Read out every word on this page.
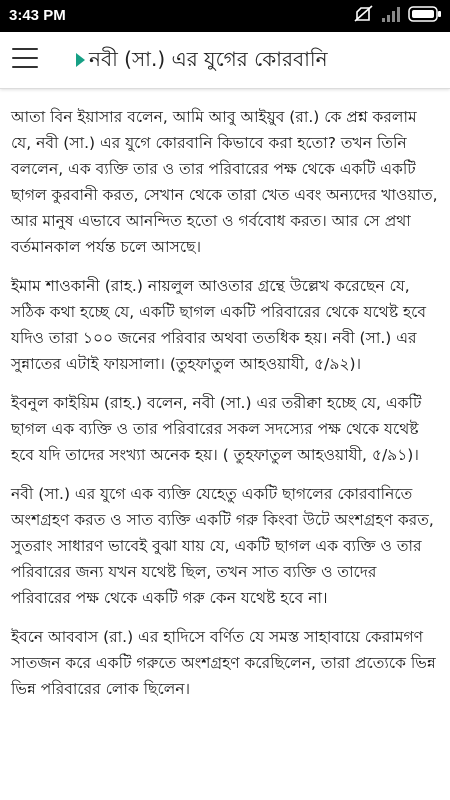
3:43 PM
নবী (সা.) এর যুগের কোরবানি

আতা বিন ইয়াসার বলেন, আমি আবু আইয়ুব (রা.) কে প্রশ্ন করলাম যে, নবী (সা.) এর যুগে কোরবানি কিভাবে করা হতো? তখন তিনি বললেন, এক ব্যক্তি তার ও তার পরিবারের পক্ষ থেকে একটি একটি ছাগল কুরবানী করত, সেখান থেকে তারা খেত এবং অন্যদের খাওয়াত, আর মানুষ এভাবে আনন্দিত হতো ও গর্ববোধ করত। আর সে প্রথা বর্তমানকাল পর্যন্ত চলে আসছে।

ইমাম শাওকানী (রাহ.) নায়লুল আওতার গ্রন্থে উল্লেখ করেছেন যে, সঠিক কথা হচ্ছে যে, একটি ছাগল একটি পরিবারের থেকে যথেষ্ট হবে যদিও তারা ১০০ জনের পরিবার অথবা ততধিক হয়। নবী (সা.) এর সুন্নাতের এটাই ফায়সালা। (তুহফাতুল আহওয়াযী, ৫/৯২)।

ইবনুল কাইয়িম (রাহ.) বলেন, নবী (সা.) এর তরীক্বা হচ্ছে যে, একটি ছাগল এক ব্যক্তি ও তার পরিবারের সকল সদস্যের পক্ষ থেকে যথেষ্ট হবে যদি তাদের সংখ্যা অনেক হয়। ( তুহফাতুল আহওয়াযী, ৫/৯১)।

নবী (সা.) এর যুগে এক ব্যক্তি যেহেতু একটি ছাগলের কোরবানিতে অংশগ্রহণ করত ও সাত ব্যক্তি একটি গরু কিংবা উটে অংশগ্রহণ করত, সুতরাং সাধারণ ভাবেই বুঝা যায় যে, একটি ছাগল এক ব্যক্তি ও তার পরিবারের জন্য যখন যথেষ্ট ছিল, তখন সাত ব্যক্তি ও তাদের পরিবারের পক্ষ থেকে একটি গরু কেন যথেষ্ট হবে না।

ইবনে আববাস (রা.) এর হাদিসে বর্ণিত যে সমস্ত সাহাবায়ে কেরামগণ সাতজন করে একটি গরুতে অংশগ্রহণ করেছিলেন, তারা প্রত্যেকে ভিন্ন ভিন্ন পরিবারের লোক ছিলেন।
